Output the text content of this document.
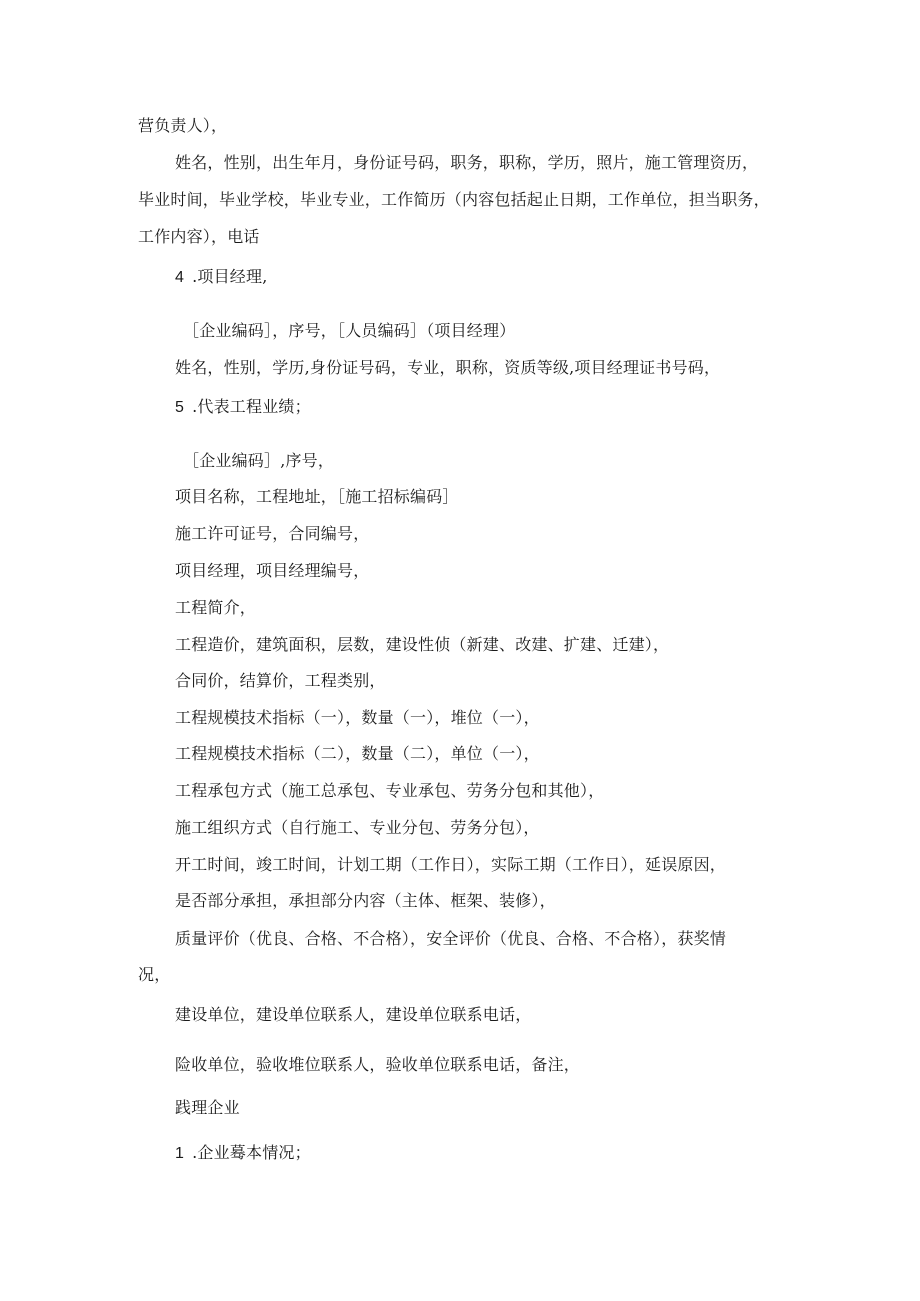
营负责人），
姓名，性别，出生年月，身份证号码，职务，职称，学历，照片，施工管理资历，
毕业时间，毕业学校，毕业专业，工作简历（内容包括起止日期，工作单位，担当职务，
工作内容），电话
4 .项目经理,
［企业编码］，序号，［人员编码］（项目经理）
姓名，性别，学历,身份证号码，专业，职称，资质等级,项目经理证书号码，
5 .代表工程业绩；
［企业编码］,序号，
项目名称，工程地址，［施工招标编码］
施工许可证号，合同编号，
项目经理，项目经理编号，
工程简介，
工程造价，建筑面积，层数，建设性侦（新建、改建、扩建、迁建），
合同价，结算价，工程类别，
工程规模技术指标（一），数量（一），堆位（一），
工程规模技术指标（二），数量（二），单位（一），
工程承包方式（施工总承包、专业承包、劳务分包和其他），
施工组织方式（自行施工、专业分包、劳务分包），
开工时间，竣工时间，计划工期（工作日），实际工期（工作日），延误原因，
是否部分承担，承担部分内容（主体、框架、装修），
质量评价（优良、合格、不合格），安全评价（优良、合格、不合格），获奖情
况，
建设单位，建设单位联系人，建设单位联系电话，
险收单位，验收堆位联系人，验收单位联系电话，备注，
践理企业
1 .企业蓦本情况；
